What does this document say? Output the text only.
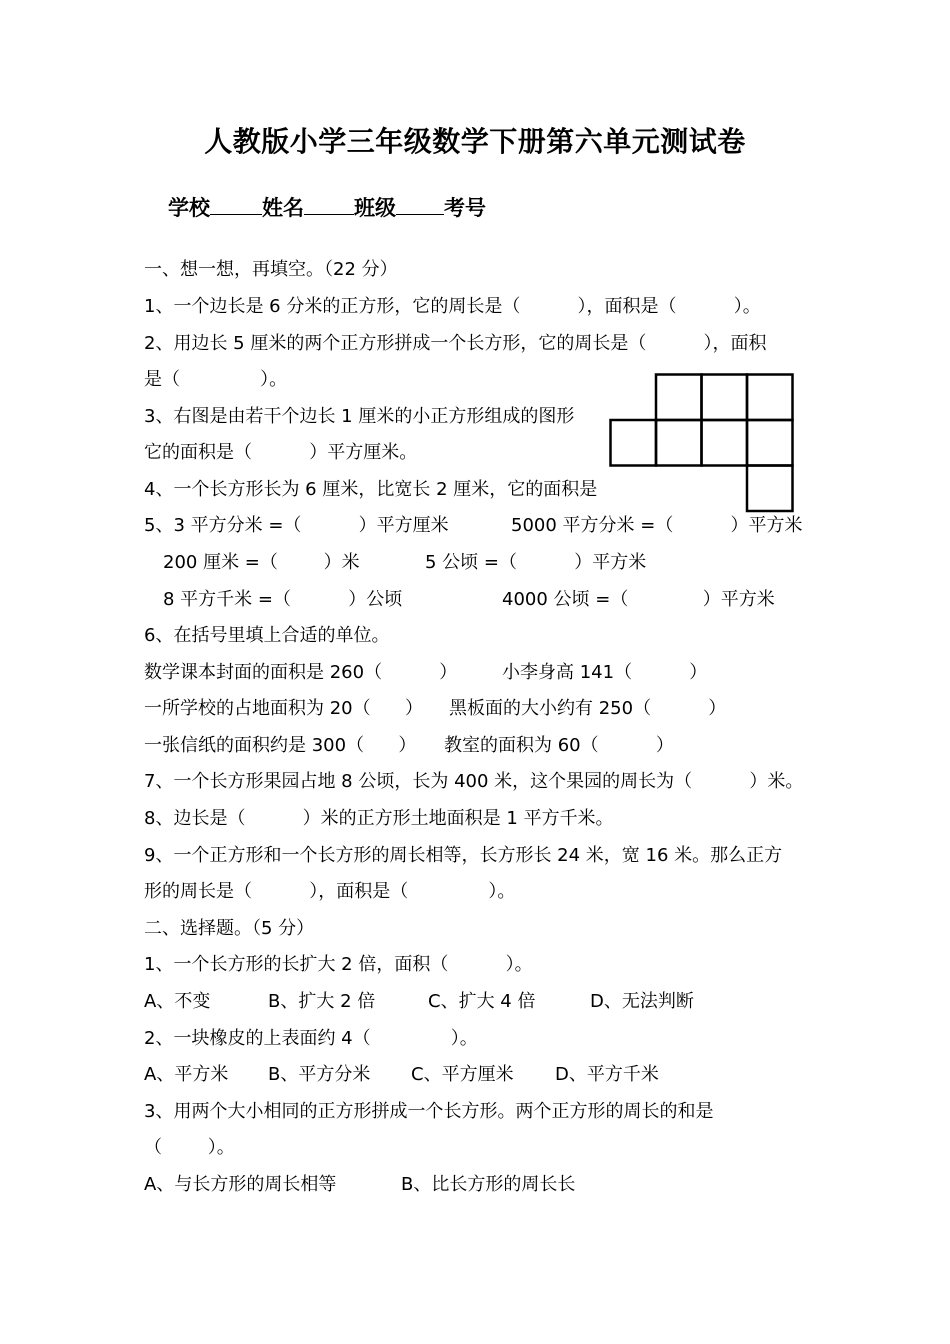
人教版小学三年级数学下册第六单元测试卷
学校 姓名 班级 考号
一、想一想，再填空。（22 分）
1、一个边长是 6 分米的正方形，它的周长是（          ），面积是（          ）。
2、用边长 5 厘米的两个正方形拼成一个长方形，它的周长是（          ），面积
是（              ）。
3、右图是由若干个边长 1 厘米的小正方形组成的图形
它的面积是（          ）平方厘米。
4、一个长方形长为 6 厘米，比宽长 2 厘米，它的面积是
5、3 平方分米 =（          ）平方厘米	5000 平方分米 =（          ）平方米
200 厘米 =（        ）米	5 公顷 =（          ）平方米
8 平方千米 =（          ）公顷	4000 公顷 =（             ）平方米
6、在括号里填上合适的单位。
数学课本封面的面积是 260（          ） 小李身高 141（          ）
一所学校的占地面积为 20（      ） 黑板面的大小约有 250（          ）
一张信纸的面积约是 300（      ） 教室的面积为 60（          ）
7、一个长方形果园占地 8 公顷，长为 400 米，这个果园的周长为（          ）米。
8、边长是（          ）米的正方形土地面积是 1 平方千米。
9、一个正方形和一个长方形的周长相等，长方形长 24 米，宽 16 米。那么正方
形的周长是（          ），面积是（              ）。
二、选择题。（5 分）
1、一个长方形的长扩大 2 倍，面积（          ）。
A、不变	B、扩大 2 倍	C、扩大 4 倍	D、无法判断
2、一块橡皮的上表面约 4（              ）。
A、平方米 B、平方分米 C、平方厘米 D、平方千米
3、用两个大小相同的正方形拼成一个长方形。两个正方形的周长的和是
（        ）。
A、与长方形的周长相等	B、比长方形的周长长
